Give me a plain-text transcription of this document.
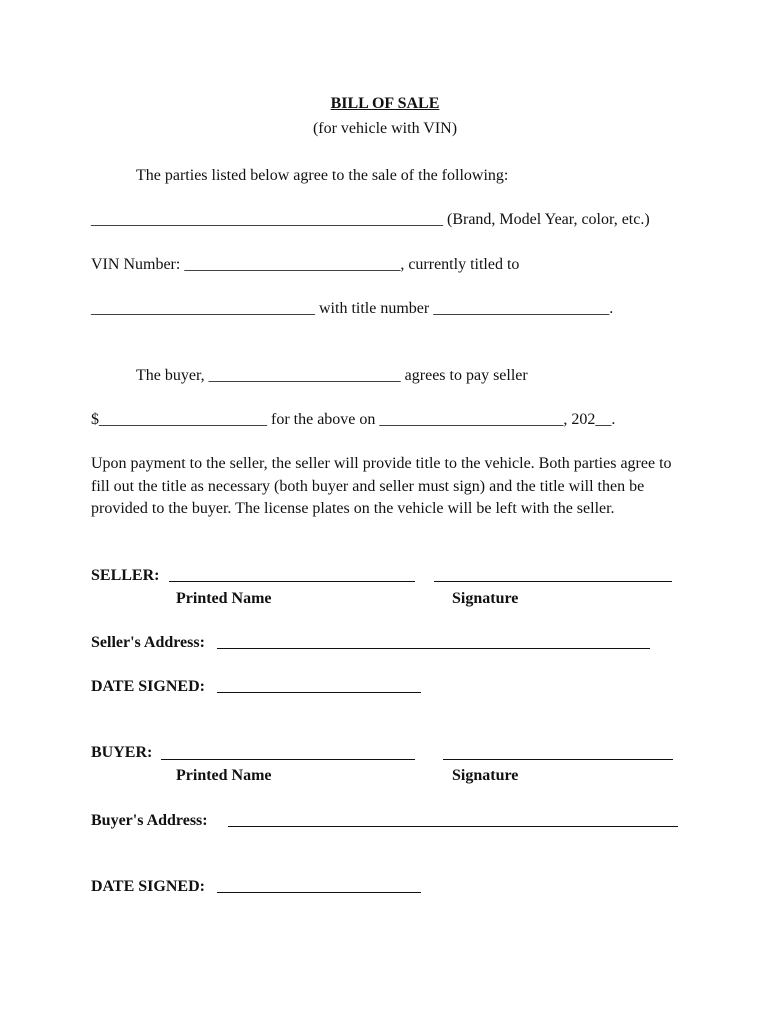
BILL OF SALE
(for vehicle with VIN)
The parties listed below agree to the sale of the following:
____________________________________________ (Brand, Model Year, color, etc.)
VIN Number: ___________________________, currently titled to
____________________________ with title number ______________________.
The buyer, ________________________ agrees to pay seller
$_____________________ for the above on _______________________, 202__.
Upon payment to the seller, the seller will provide title to the vehicle. Both parties agree to fill out the title as necessary (both buyer and seller must sign) and the title will then be provided to the buyer. The license plates on the vehicle will be left with the seller.
SELLER:
Printed Name	Signature
Seller's Address:
DATE SIGNED:
BUYER:
Printed Name	Signature
Buyer's Address:
DATE SIGNED:
